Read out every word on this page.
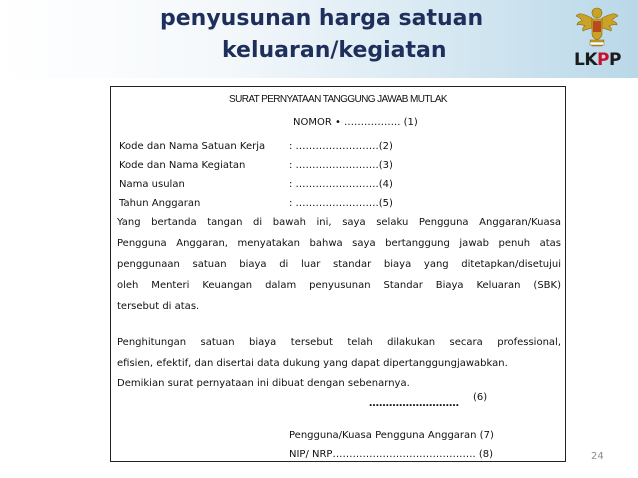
penyusunan harga satuan
keluaran/kegiatan	LKPP
SURAT PERNYATAAN TANGGUNG JAWAB MUTLAK
NOMOR • …………….. (1)
Kode dan Nama Satuan Kerja : …………………….(2)
Kode dan Nama Kegiatan	: …………………….(3)
Nama usulan	: …………………….(4)
Tahun Anggaran	: …………………….(5)
Yang bertanda tangan di bawah ini, saya selaku Pengguna Anggaran/Kuasa
Pengguna Anggaran, menyatakan bahwa saya bertanggung jawab penuh atas
penggunaan satuan biaya di luar standar biaya yang ditetapkan/disetujui
oleh Menteri Keuangan dalam penyusunan Standar Biaya Keluaran (SBK)
tersebut di atas.
Penghitungan satuan biaya tersebut telah dilakukan secara professional,
efisien, efektif, dan disertai data dukung yang dapat dipertanggungjawabkan.
Demikian surat pernyataan ini dibuat dengan sebenarnya.
………………………
(6)
Pengguna/Kuasa Pengguna Anggaran (7)
NIP/ NRP……………………………………. (8)	24
